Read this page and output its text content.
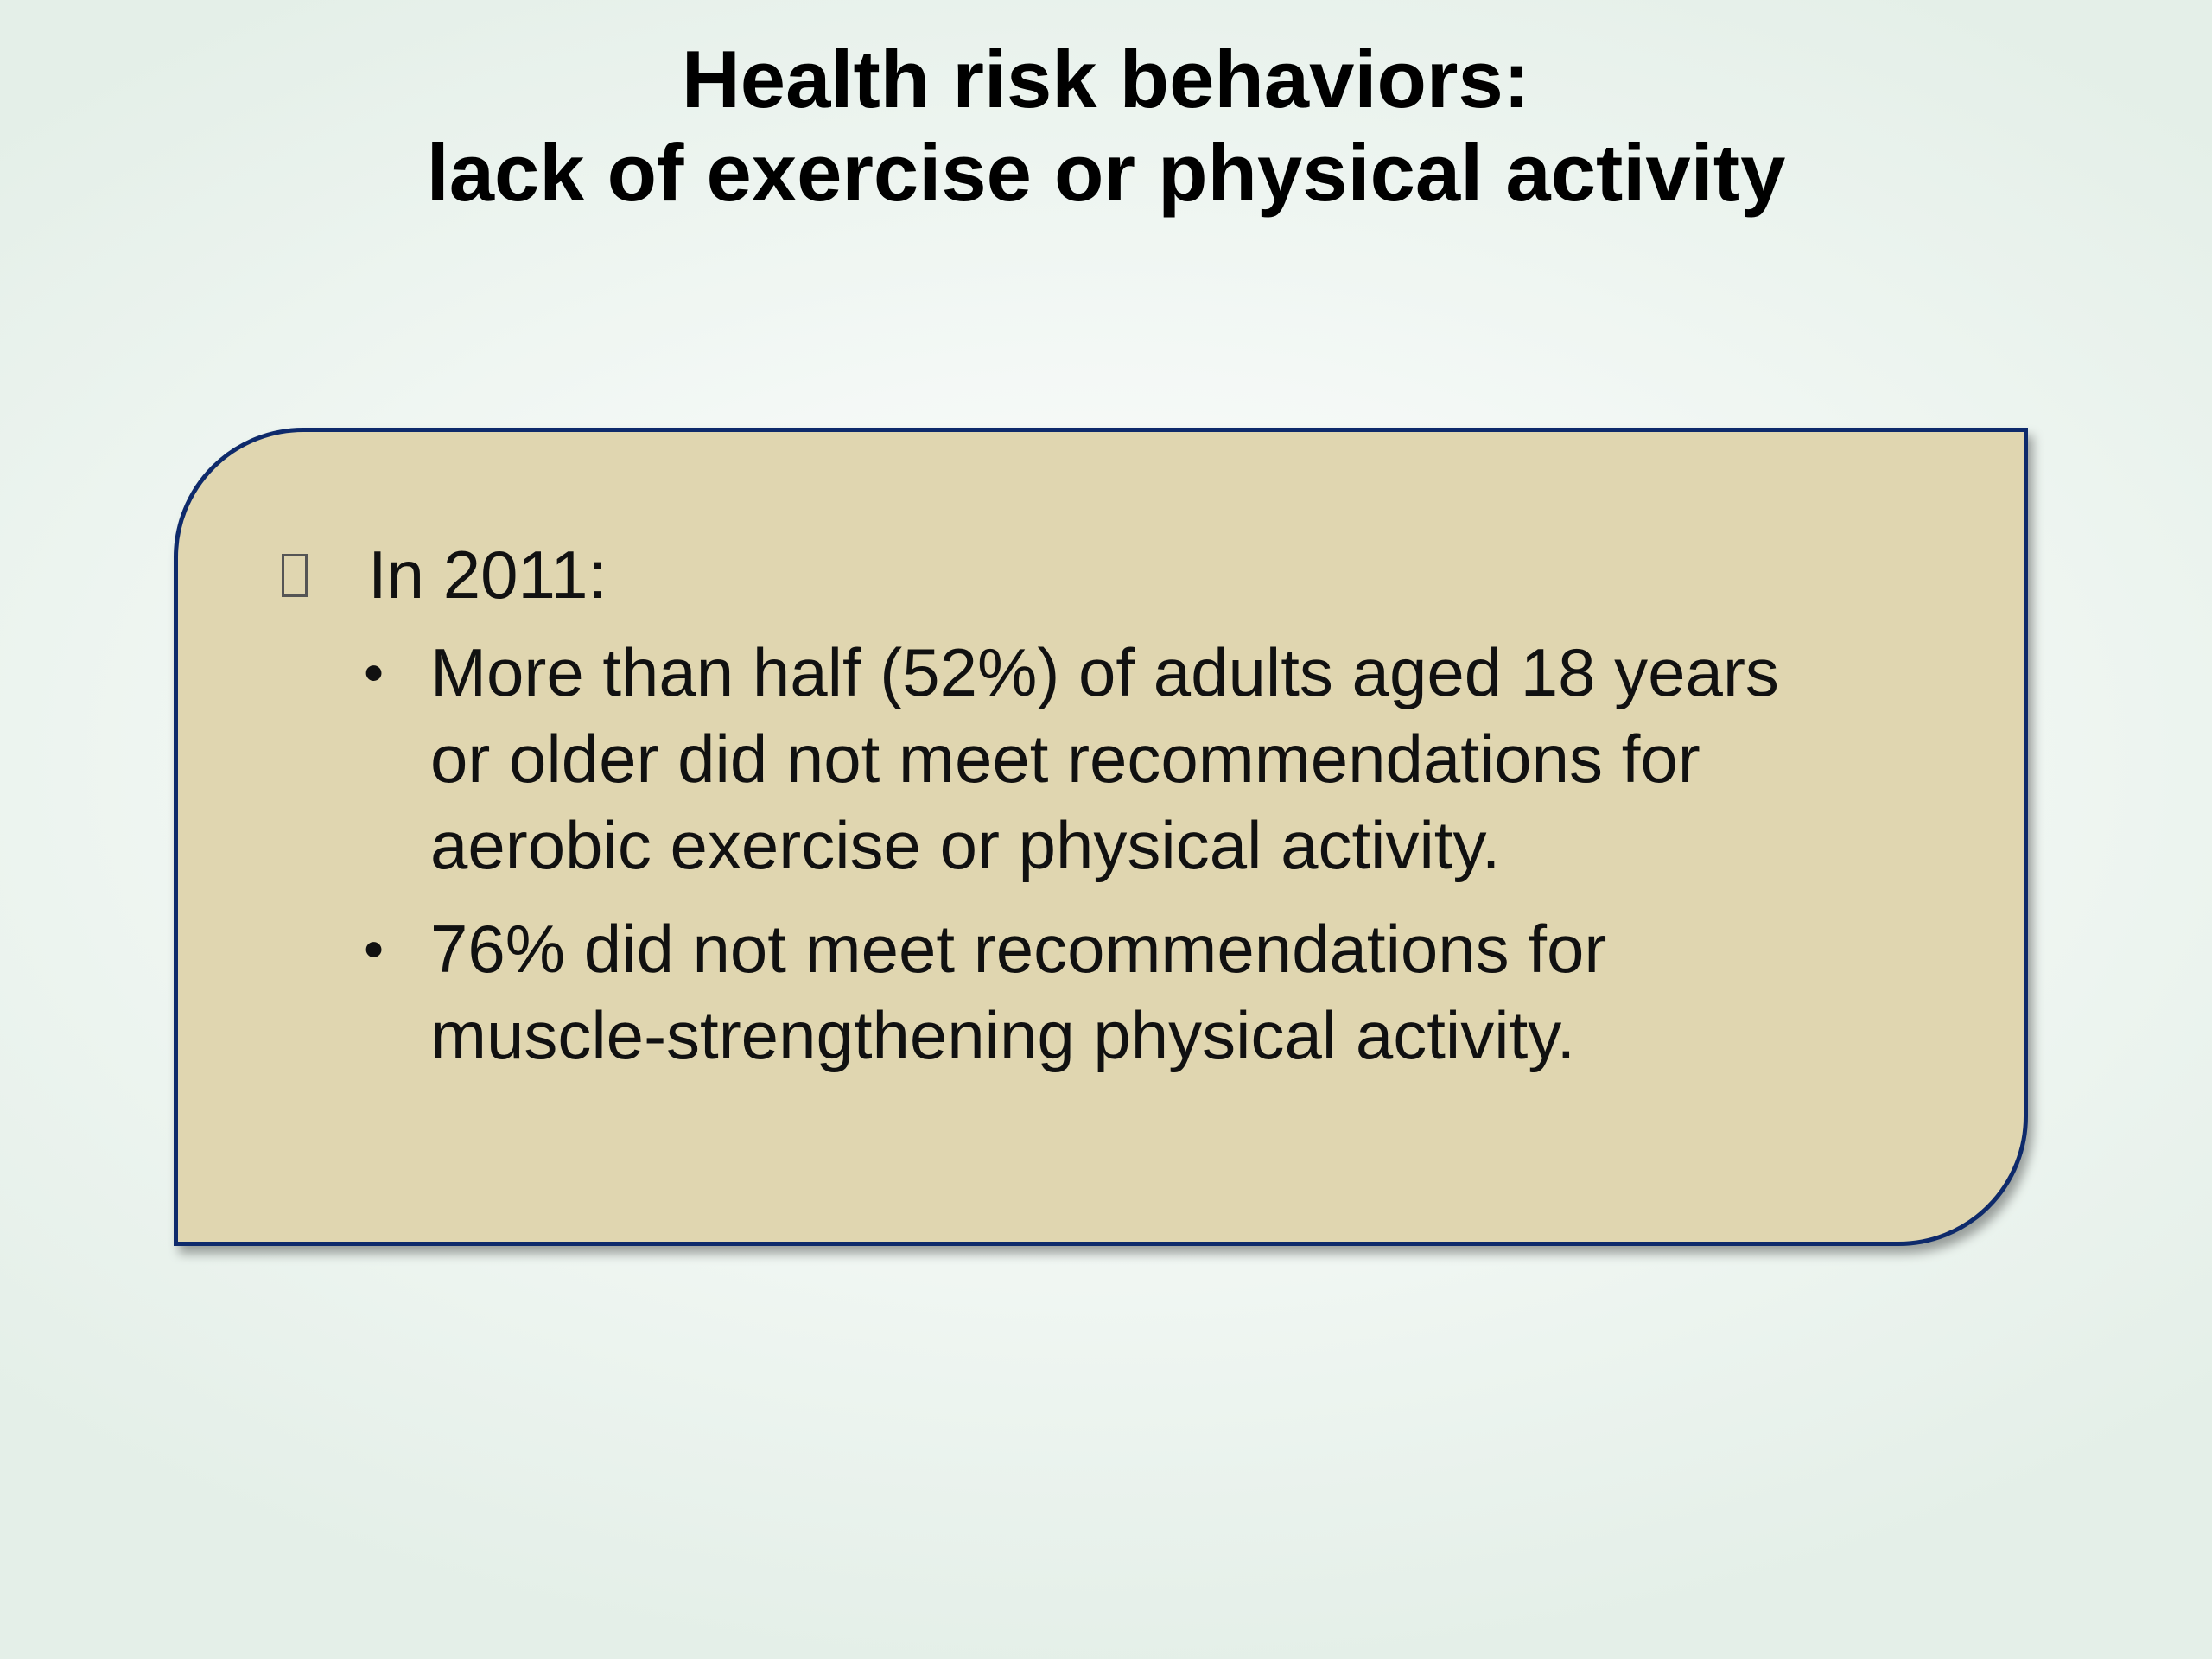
Health risk behaviors:
lack of exercise or physical activity
In 2011:
• More than half (52%) of adults aged 18 years
or older did not meet recommendations for
aerobic exercise or physical activity.
• 76% did not meet recommendations for
muscle-strengthening physical activity.
